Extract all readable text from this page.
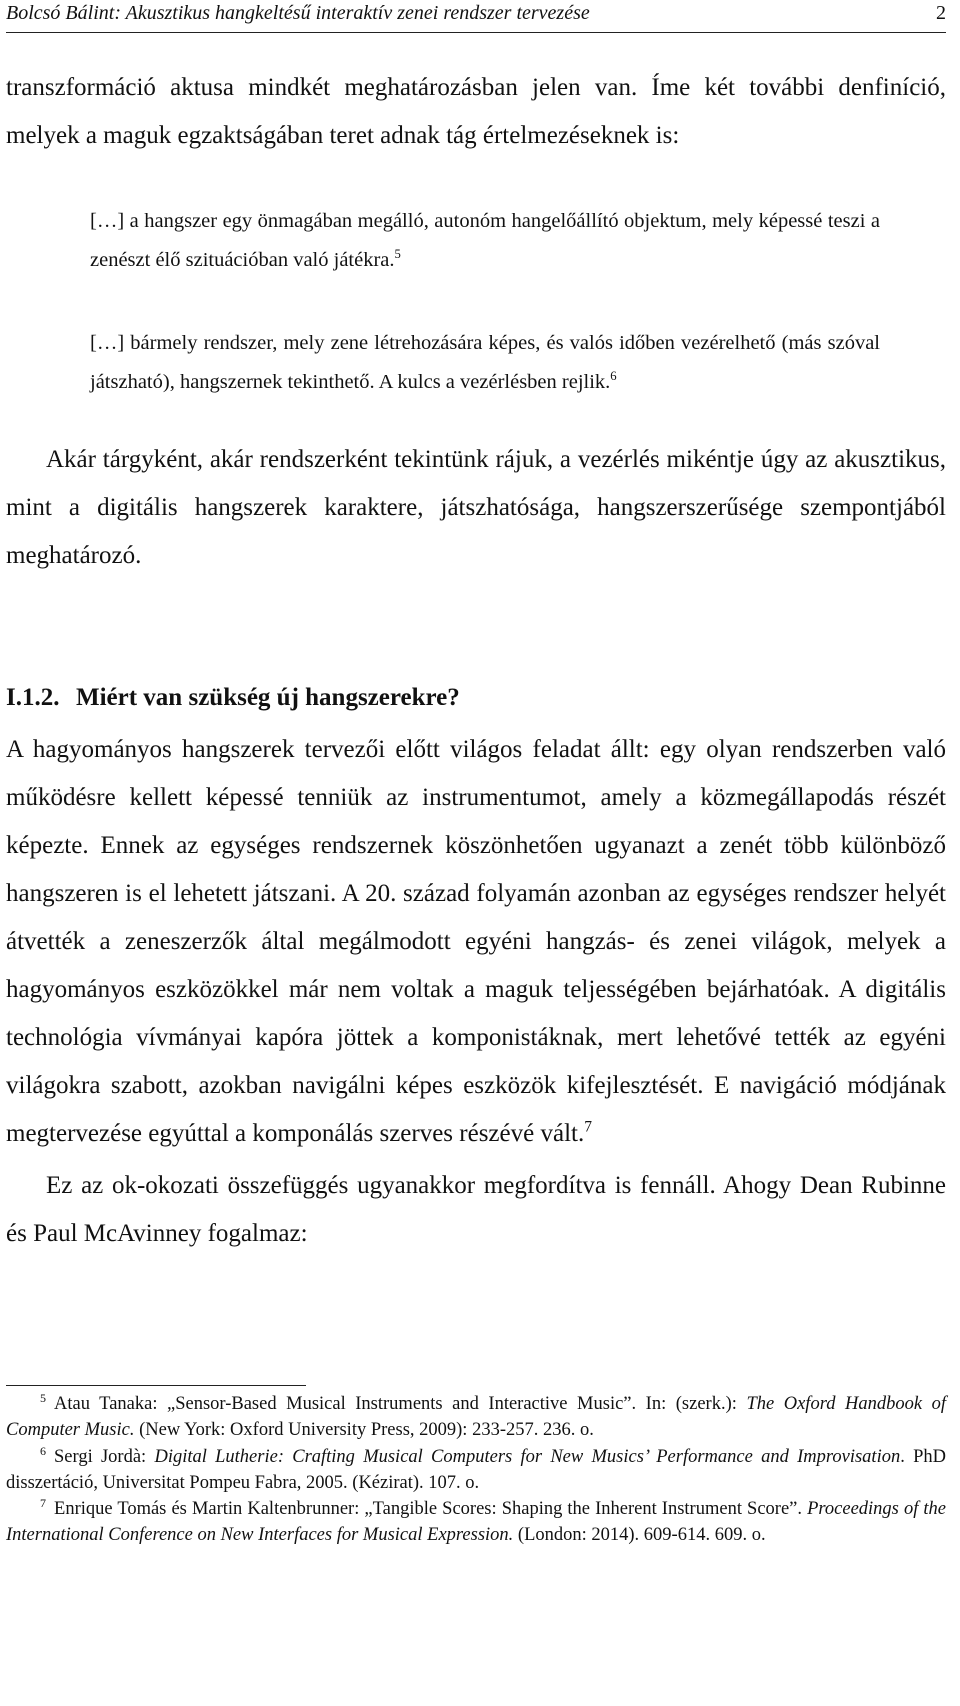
Bolcsó Bálint: Akusztikus hangkeltésű interaktív zenei rendszer tervezése	2

transzformáció aktusa mindkét meghatározásban jelen van. Íme két további denfiníció, melyek a maguk egzaktságában teret adnak tág értelmezéseknek is:

[…] a hangszer egy önmagában megálló, autonóm hangelőállító objektum, mely képessé teszi a zenészt élő szituációban való játékra.$^5$

[…] bármely rendszer, mely zene létrehozására képes, és valós időben vezérelhető (más szóval játszható), hangszernek tekinthető. A kulcs a vezérlésben rejlik.$^6$

Akár tárgyként, akár rendszerként tekintünk rájuk, a vezérlés mikéntje úgy az akusztikus, mint a digitális hangszerek karaktere, játszhatósága, hangszerszerűsége szempontjából meghatározó.

I.1.2. Miért van szükség új hangszerekre?

A hagyományos hangszerek tervezői előtt világos feladat állt: egy olyan rendszerben való működésre kellett képessé tenniük az instrumentumot, amely a közmegállapodás részét képezte. Ennek az egységes rendszernek köszönhetően ugyanazt a zenét több különböző hangszeren is el lehetett játszani. A 20. század folyamán azonban az egységes rendszer helyét átvették a zeneszerzők által megálmodott egyéni hangzás- és zenei világok, melyek a hagyományos eszközökkel már nem voltak a maguk teljességében bejárhatóak. A digitális technológia vívmányai kapóra jöttek a komponistáknak, mert lehetővé tették az egyéni világokra szabott, azokban navigálni képes eszközök kifejlesztését. E navigáció módjának megtervezése egyúttal a komponálás szerves részévé vált.$^7$

Ez az ok-okozati összefüggés ugyanakkor megfordítva is fennáll. Ahogy Dean Rubinne és Paul McAvinney fogalmaz:

$^5$ Atau Tanaka: „Sensor-Based Musical Instruments and Interactive Music”. In: (szerk.): The Oxford Handbook of Computer Music. (New York: Oxford University Press, 2009): 233-257. 236. o.

$^6$ Sergi Jordà: Digital Lutherie: Crafting Musical Computers for New Musics’ Performance and Improvisation. PhD disszertáció, Universitat Pompeu Fabra, 2005. (Kézirat). 107. o.

$^7$ Enrique Tomás és Martin Kaltenbrunner: „Tangible Scores: Shaping the Inherent Instrument Score”. Proceedings of the International Conference on New Interfaces for Musical Expression. (London: 2014). 609-614. 609. o.
